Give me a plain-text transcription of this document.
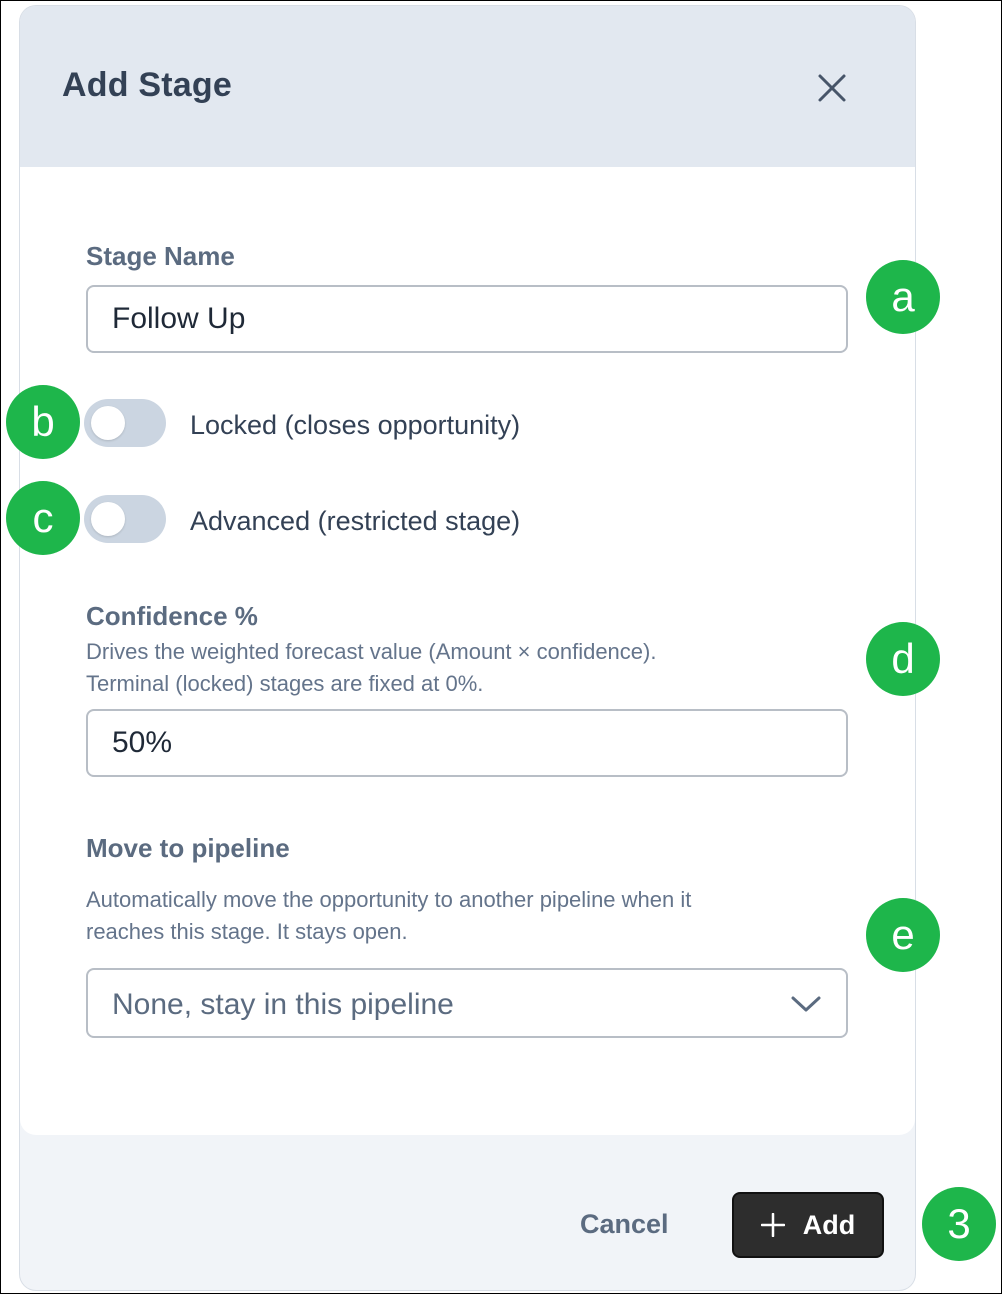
Add Stage
Stage Name
Follow Up
Locked (closes opportunity)
Advanced (restricted stage)
Confidence %
Drives the weighted forecast value (Amount × confidence).
Terminal (locked) stages are fixed at 0%.
50%
Move to pipeline
Automatically move the opportunity to another pipeline when it
reaches this stage. It stays open.
None, stay in this pipeline
Cancel	Add
a
b
c
d
e
3
